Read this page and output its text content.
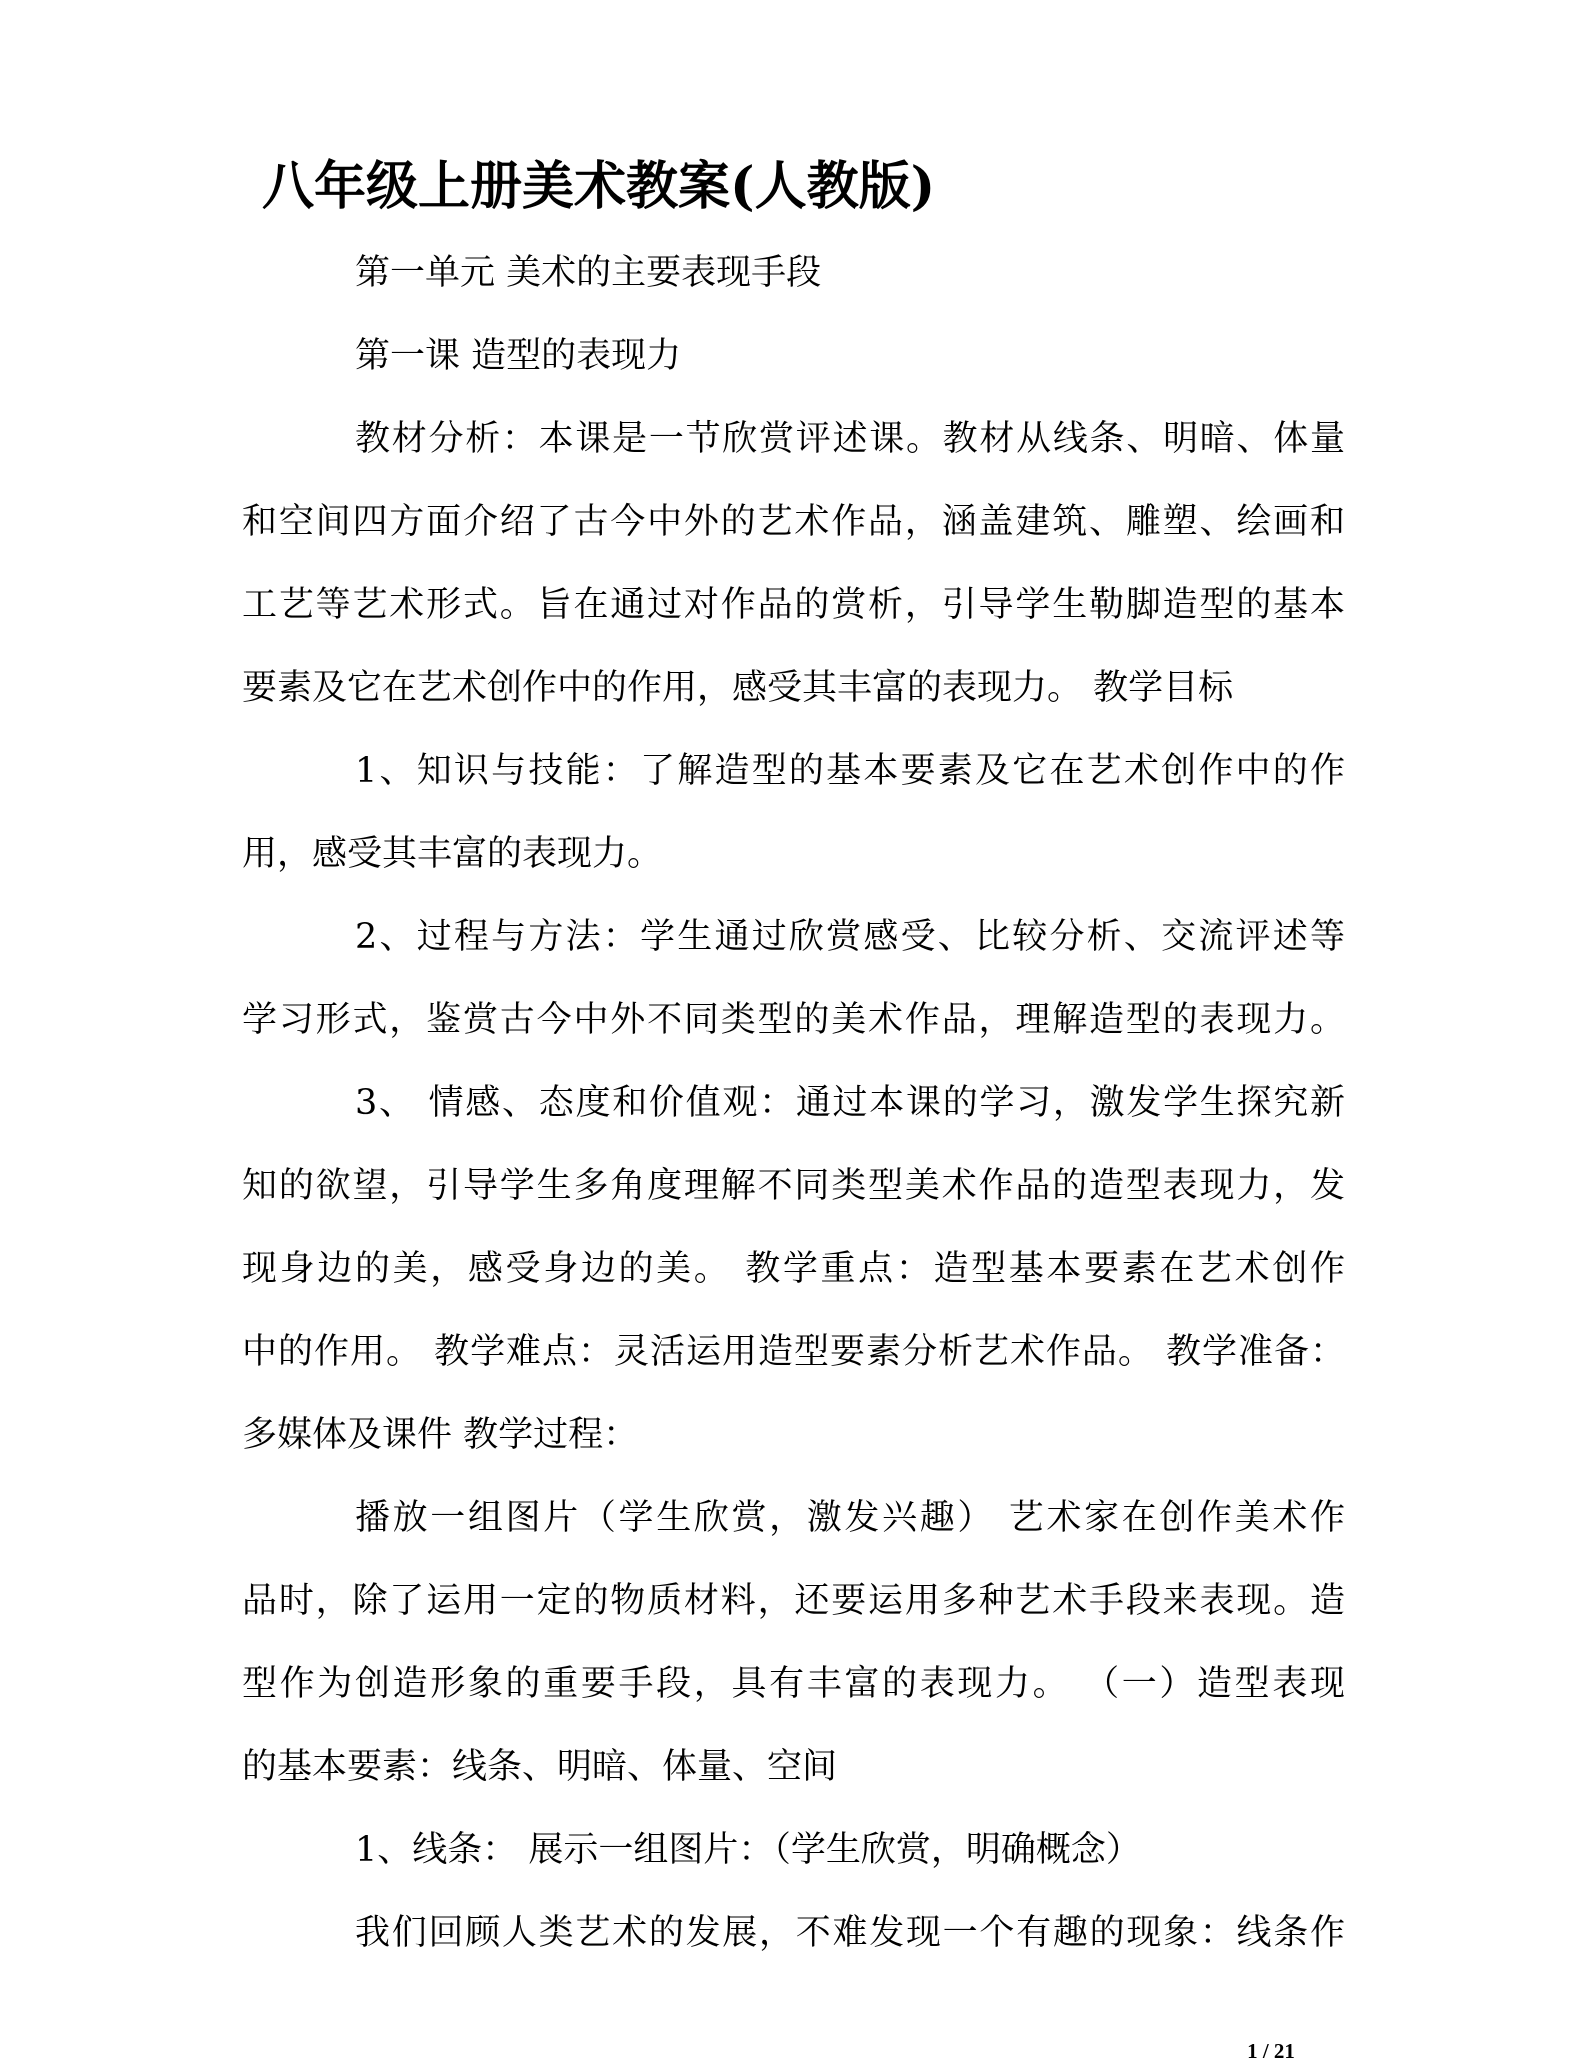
八年级上册美术教案(人教版)
第一单元 美术的主要表现手段
第一课 造型的表现力
教材分析：本课是一节欣赏评述课。教材从线条、明暗、体量
和空间四方面介绍了古今中外的艺术作品，涵盖建筑、雕塑、绘画和
工艺等艺术形式。旨在通过对作品的赏析，引导学生勒脚造型的基本
要素及它在艺术创作中的作用，感受其丰富的表现力。 教学目标
1、知识与技能：了解造型的基本要素及它在艺术创作中的作
用，感受其丰富的表现力。
2、过程与方法：学生通过欣赏感受、比较分析、交流评述等
学习形式，鉴赏古今中外不同类型的美术作品，理解造型的表现力。
3、 情感、态度和价值观：通过本课的学习，激发学生探究新
知的欲望，引导学生多角度理解不同类型美术作品的造型表现力，发
现身边的美，感受身边的美。 教学重点：造型基本要素在艺术创作
中的作用。 教学难点：灵活运用造型要素分析艺术作品。 教学准备：
多媒体及课件 教学过程：
播放一组图片（学生欣赏，激发兴趣） 艺术家在创作美术作
品时，除了运用一定的物质材料，还要运用多种艺术手段来表现。造
型作为创造形象的重要手段，具有丰富的表现力。 （一）造型表现
的基本要素：线条、明暗、体量、空间
1、线条： 展示一组图片：（学生欣赏，明确概念）
我们回顾人类艺术的发展，不难发现一个有趣的现象：线条作
1 / 21
